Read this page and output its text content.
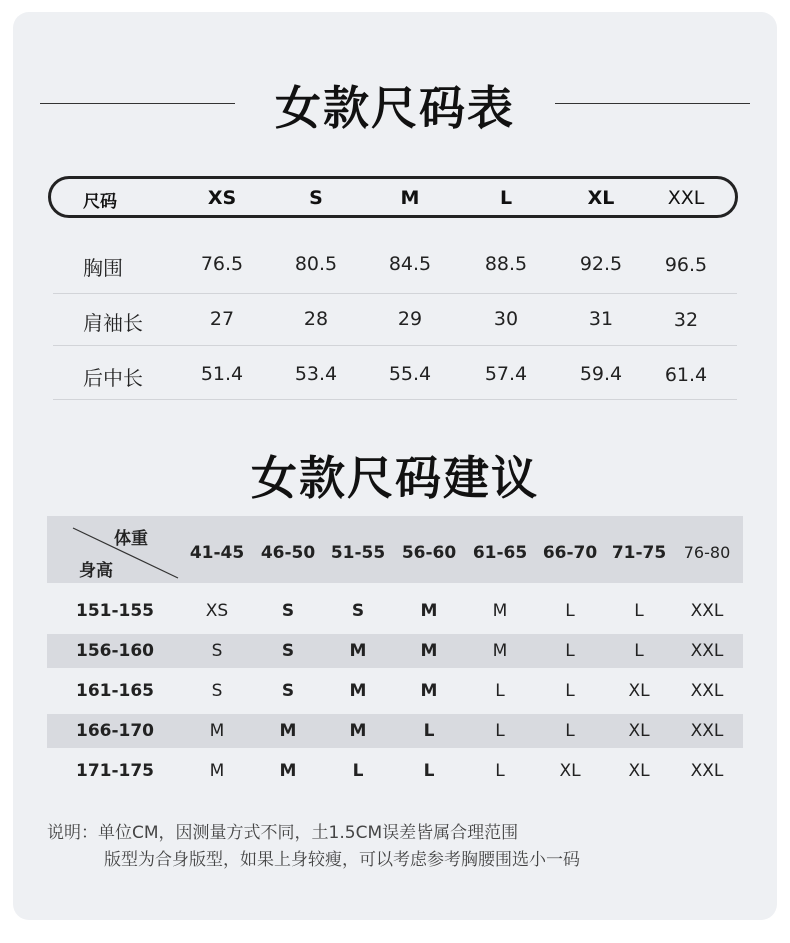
女款尺码表
尺码	XS	S	M	L	XL	XXL
胸围	76.5	80.5	84.5	88.5	92.5	96.5
肩袖长	27	28	29	30	31	32
后中长	51.4	53.4	55.4	57.4	59.4	61.4
女款尺码建议
体重
身高
41-45 46-50 51-55 56-60 61-65 66-70 71-75	76-80
151-155	XS	S	S	M	M	L	L	XXL
156-160	S	S	M	M	M	L	L	XXL
161-165	S	S	M	M	L	L	XL	XXL
166-170	M	M	M	L	L	L	XL	XXL
171-175	M	M	L	L	L	XL	XL	XXL
说明：单位CM，因测量方式不同，土1.5CM误差皆属合理范围
版型为合身版型，如果上身较瘦，可以考虑参考胸腰围选小一码
